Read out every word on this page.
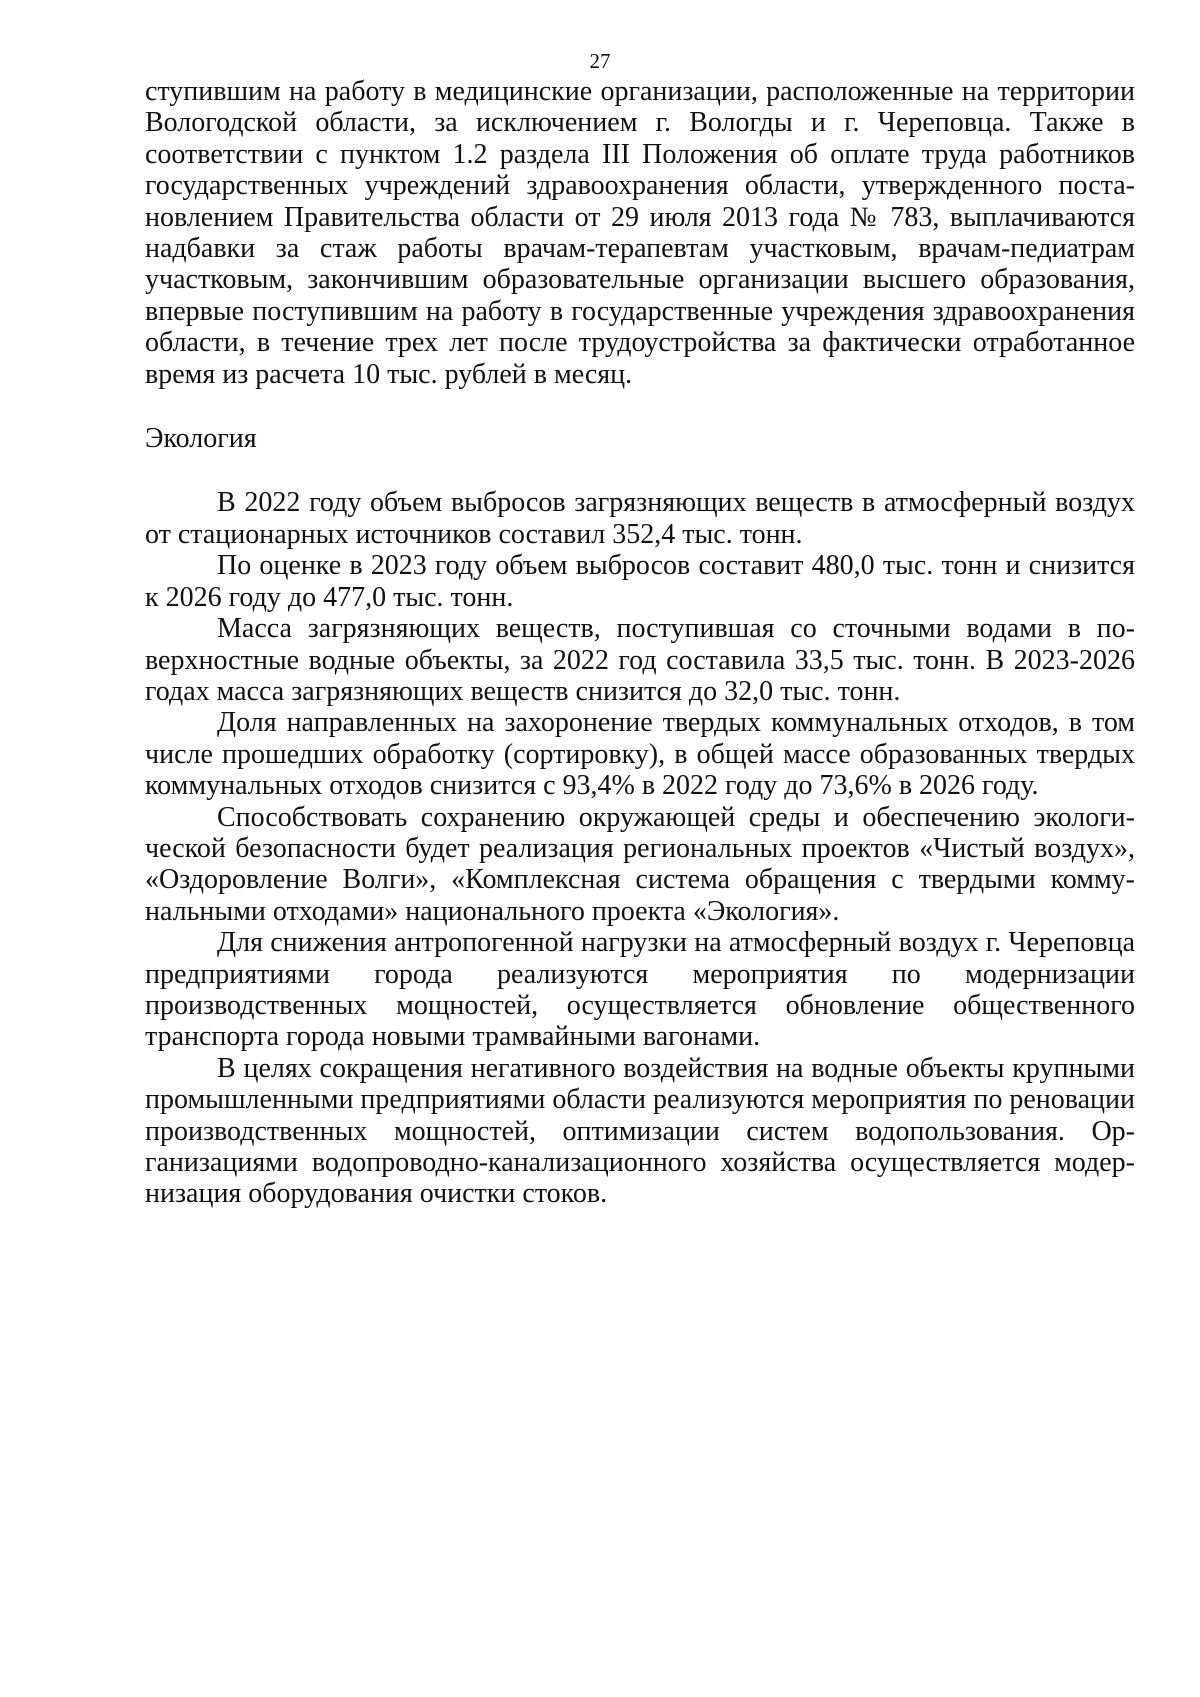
27

ступившим на работу в медицинские организации, расположенные на территории Вологодской области, за исключением г. Вологды и г. Череповца. Также в соответствии с пунктом 1.2 раздела III Положения об оплате труда работников государственных учреждений здравоохранения области, утвержденного постановлением Правительства области от 29 июля 2013 года № 783, выплачиваются надбавки за стаж работы врачам-терапевтам участковым, врачам-педиатрам участковым, закончившим образовательные организации высшего образования, впервые поступившим на работу в государственные учреждения здравоохранения области, в течение трех лет после трудоустройства за фактически отработанное время из расчета 10 тыс. рублей в месяц.

Экология

В 2022 году объем выбросов загрязняющих веществ в атмосферный воздух от стационарных источников составил 352,4 тыс. тонн.

По оценке в 2023 году объем выбросов составит 480,0 тыс. тонн и снизится к 2026 году до 477,0 тыс. тонн.

Масса загрязняющих веществ, поступившая со сточными водами в поверхностные водные объекты, за 2022 год составила 33,5 тыс. тонн. В 2023-2026 годах масса загрязняющих веществ снизится до 32,0 тыс. тонн.

Доля направленных на захоронение твердых коммунальных отходов, в том числе прошедших обработку (сортировку), в общей массе образованных твердых коммунальных отходов снизится с 93,4% в 2022 году до 73,6% в 2026 году.

Способствовать сохранению окружающей среды и обеспечению экологической безопасности будет реализация региональных проектов «Чистый воздух», «Оздоровление Волги», «Комплексная система обращения с твердыми коммунальными отходами» национального проекта «Экология».

Для снижения антропогенной нагрузки на атмосферный воздух г. Череповца предприятиями города реализуются мероприятия по модернизации производственных мощностей, осуществляется обновление общественного транспорта города новыми трамвайными вагонами.

В целях сокращения негативного воздействия на водные объекты крупными промышленными предприятиями области реализуются мероприятия по реновации производственных мощностей, оптимизации систем водопользования. Организациями водопроводно-канализационного хозяйства осуществляется модернизация оборудования очистки стоков.
